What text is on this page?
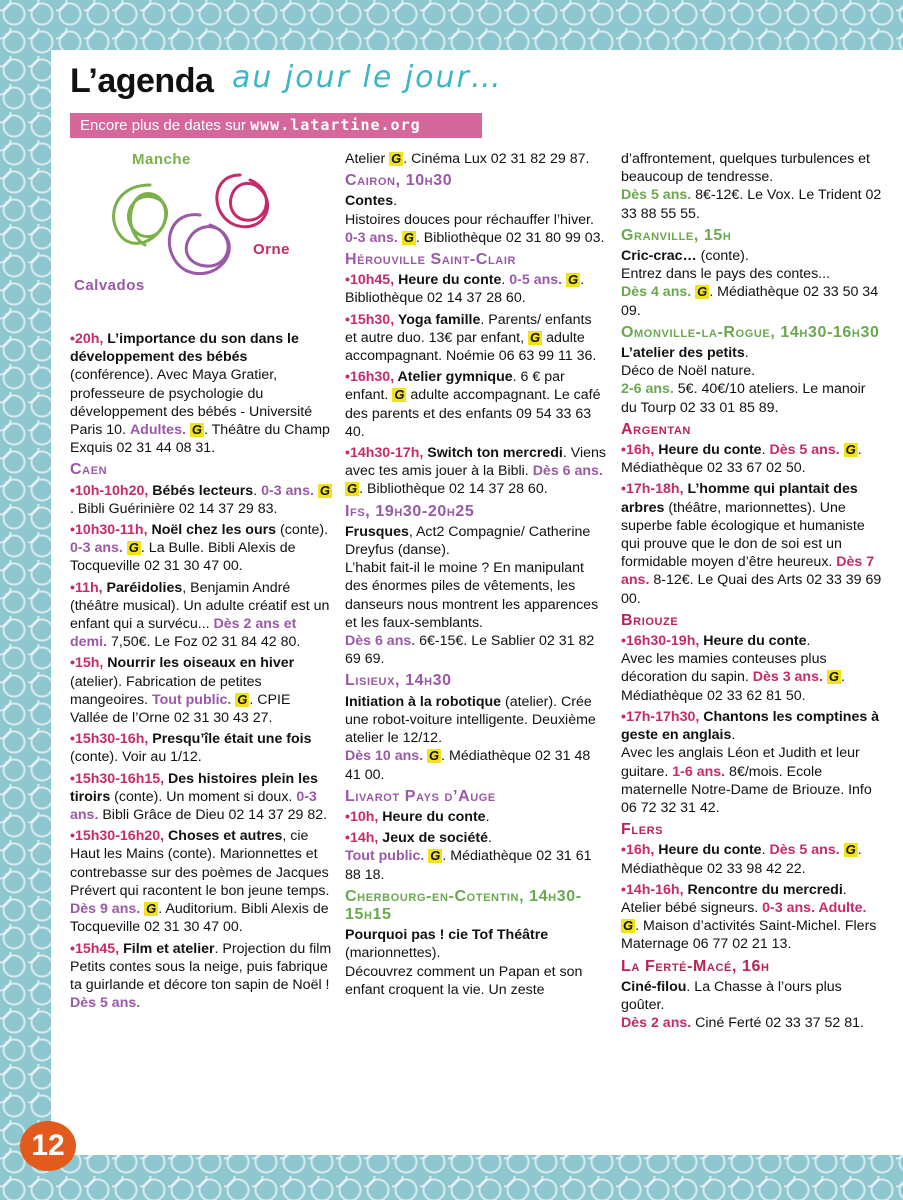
L’agenda au jour le jour…
Encore plus de dates sur www.latartine.org
Manche
Orne
Calvados

•20h, L’importance du son dans le développement des bébés (conférence). Avec Maya Gratier, professeure de psychologie du développement des bébés - Université Paris 10. Adultes. G . Théâtre du Champ Exquis 02 31 44 08 31.

Caen

•10h-10h20, Bébés lecteurs. 0-3 ans. G. Bibli Guérinière 02 14 37 29 83.

•10h30-11h, Noël chez les ours (conte). 0-3 ans. G . La Bulle. Bibli Alexis de Tocqueville 02 31 30 47 00.

•11h, Paréidolies, Benjamin André (théâtre musical). Un adulte créatif est un enfant qui a survécu... Dès 2 ans et demi. 7,50€. Le Foz 02 31 84 42 80.

•15h, Nourrir les oiseaux en hiver (atelier). Fabrication de petites mangeoires. Tout public. G . CPIE Vallée de l’Orne 02 31 30 43 27.

•15h30-16h, Presqu’île était une fois (conte). Voir au 1/12.

•15h30-16h15, Des histoires plein les tiroirs (conte). Un moment si doux. 0-3 ans. Bibli Grâce de Dieu 02 14 37 29 82.

•15h30-16h20, Choses et autres, cie Haut les Mains (conte). Marionnettes et contrebasse sur des poèmes de Jacques Prévert qui racontent le bon jeune temps. Dès 9 ans. G . Auditorium. Bibli Alexis de Tocqueville 02 31 30 47 00.

•15h45, Film et atelier. Projection du film Petits contes sous la neige, puis fabrique ta guirlande et décore ton sapin de Noël ! Dès 5 ans.

Atelier G . Cinéma Lux 02 31 82 29 87.

Cairon, 10h30

Contes.
Histoires douces pour réchauffer l’hiver.
0-3 ans. G . Bibliothèque 02 31 80 99 03.

Hérouville Saint-Clair

•10h45, Heure du conte. 0-5 ans. G . Bibliothèque 02 14 37 28 60.

•15h30, Yoga famille. Parents/ enfants et autre duo. 13€ par enfant, G adulte accompagnant. Noémie 06 63 99 11 36.

•16h30, Atelier gymnique. 6 € par enfant. G adulte accompagnant. Le café des parents et des enfants 09 54 33 63 40.

•14h30-17h, Switch ton mercredi. Viens avec tes amis jouer à la Bibli. Dès 6 ans. G . Bibliothèque 02 14 37 28 60.

Ifs, 19h30-20h25

Frusques, Act2 Compagnie/ Catherine Dreyfus (danse).
L’habit fait-il le moine ? En manipulant des énormes piles de vêtements, les danseurs nous montrent les apparences et les faux-semblants.
Dès 6 ans. 6€-15€. Le Sablier 02 31 82 69 69.

Lisieux, 14h30

Initiation à la robotique (atelier). Crée une robot-voiture intelligente. Deuxième atelier le 12/12.
Dès 10 ans. G . Médiathèque 02 31 48 41 00.

Livarot Pays d’Auge

•10h, Heure du conte.

•14h, Jeux de société.
Tout public. G . Médiathèque 02 31 61 88 18.

Cherbourg-en-Cotentin, 14h30-15h15

Pourquoi pas ! cie Tof Théâtre (marionnettes).
Découvrez comment un Papan et son enfant croquent la vie. Un zeste

d’affrontement, quelques turbulences et beaucoup de tendresse.
Dès 5 ans. 8€-12€. Le Vox. Le Trident 02 33 88 55 55.

Granville, 15h

Cric-crac… (conte).
Entrez dans le pays des contes...
Dès 4 ans. G . Médiathèque 02 33 50 34 09.

Omonville-la-Rogue, 14h30-16h30

L’atelier des petits.
Déco de Noël nature.
2-6 ans. 5€. 40€/10 ateliers. Le manoir du Tourp 02 33 01 85 89.

Argentan

•16h, Heure du conte. Dès 5 ans. G . Médiathèque 02 33 67 02 50.

•17h-18h, L’homme qui plantait des arbres (théâtre, marionnettes). Une superbe fable écologique et humaniste qui prouve que le don de soi est un formidable moyen d’être heureux. Dès 7 ans. 8-12€. Le Quai des Arts 02 33 39 69 00.

Briouze

•16h30-19h, Heure du conte.
Avec les mamies conteuses plus décoration du sapin. Dès 3 ans. G . Médiathèque 02 33 62 81 50.

•17h-17h30, Chantons les comptines à geste en anglais.
Avec les anglais Léon et Judith et leur guitare. 1-6 ans. 8€/mois. Ecole maternelle Notre-Dame de Briouze. Info 06 72 32 31 42.

Flers

•16h, Heure du conte. Dès 5 ans. G . Médiathèque 02 33 98 42 22.

•14h-16h, Rencontre du mercredi. Atelier bébé signeurs. 0-3 ans. Adulte. G . Maison d’activités Saint-Michel. Flers Maternage 06 77 02 21 13.

La Ferté-Macé, 16h

Ciné-filou. La Chasse à l’ours plus goûter.
Dès 2 ans. Ciné Ferté 02 33 37 52 81.

12
